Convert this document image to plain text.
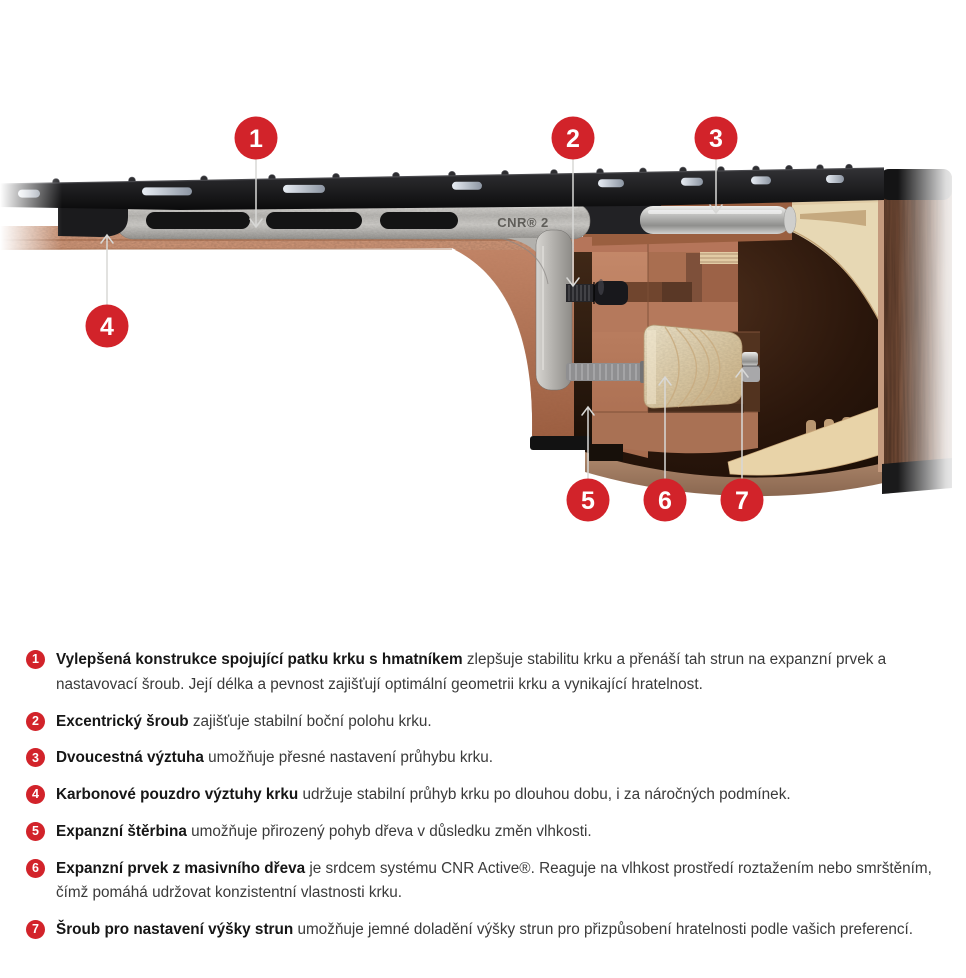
CNR® 2
1	2	3
4
5	6	7
1	Vylepšená konstrukce spojující patku krku s hmatníkem zlepšuje stabilitu krku a přenáší tah strun na expanzní prvek a nastavovací šroub. Její délka a pevnost zajišťují optimální geometrii krku a vynikající hratelnost.

2	Excentrický šroub zajišťuje stabilní boční polohu krku.

3	Dvoucestná výztuha umožňuje přesné nastavení průhybu krku.

4	Karbonové pouzdro výztuhy krku udržuje stabilní průhyb krku po dlouhou dobu, i za náročných podmínek.

5	Expanzní štěrbina umožňuje přirozený pohyb dřeva v důsledku změn vlhkosti.

6	Expanzní prvek z masivního dřeva je srdcem systému CNR Active®. Reaguje na vlhkost prostředí roztažením nebo smrštěním, čímž pomáhá udržovat konzistentní vlastnosti krku.

7	Šroub pro nastavení výšky strun umožňuje jemné doladění výšky strun pro přizpůsobení hratelnosti podle vašich preferencí.
